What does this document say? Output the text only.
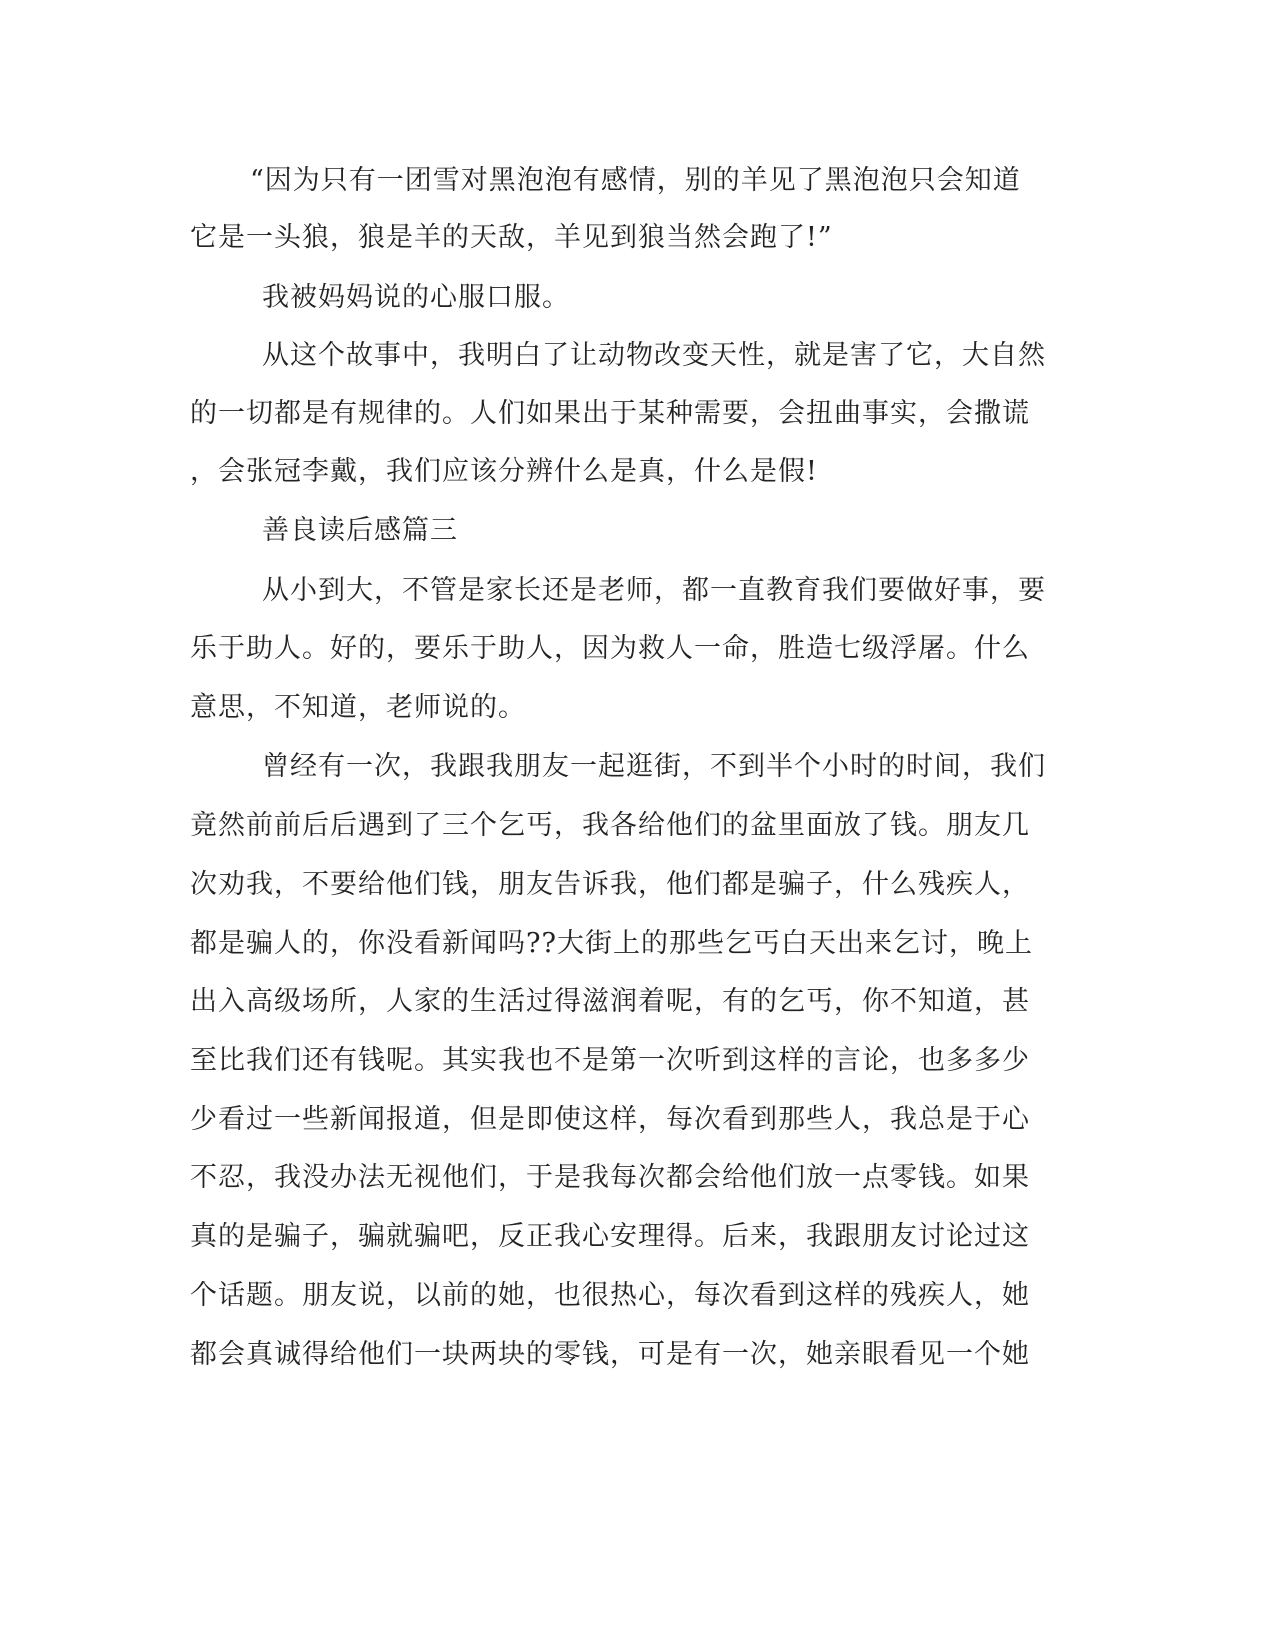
“因为只有一团雪对黑泡泡有感情，别的羊见了黑泡泡只会知道
它是一头狼，狼是羊的天敌，羊见到狼当然会跑了!”
我被妈妈说的心服口服。
从这个故事中，我明白了让动物改变天性，就是害了它，大自然
的一切都是有规律的。人们如果出于某种需要，会扭曲事实，会撒谎
，会张冠李戴，我们应该分辨什么是真，什么是假!
善良读后感篇三
从小到大，不管是家长还是老师，都一直教育我们要做好事，要
乐于助人。好的，要乐于助人，因为救人一命，胜造七级浮屠。什么
意思，不知道，老师说的。
曾经有一次，我跟我朋友一起逛街，不到半个小时的时间，我们
竟然前前后后遇到了三个乞丐，我各给他们的盆里面放了钱。朋友几
次劝我，不要给他们钱，朋友告诉我，他们都是骗子，什么残疾人，
都是骗人的，你没看新闻吗??大街上的那些乞丐白天出来乞讨，晚上
出入高级场所，人家的生活过得滋润着呢，有的乞丐，你不知道，甚
至比我们还有钱呢。其实我也不是第一次听到这样的言论，也多多少
少看过一些新闻报道，但是即使这样，每次看到那些人，我总是于心
不忍，我没办法无视他们，于是我每次都会给他们放一点零钱。如果
真的是骗子，骗就骗吧，反正我心安理得。后来，我跟朋友讨论过这
个话题。朋友说，以前的她，也很热心，每次看到这样的残疾人，她
都会真诚得给他们一块两块的零钱，可是有一次，她亲眼看见一个她
